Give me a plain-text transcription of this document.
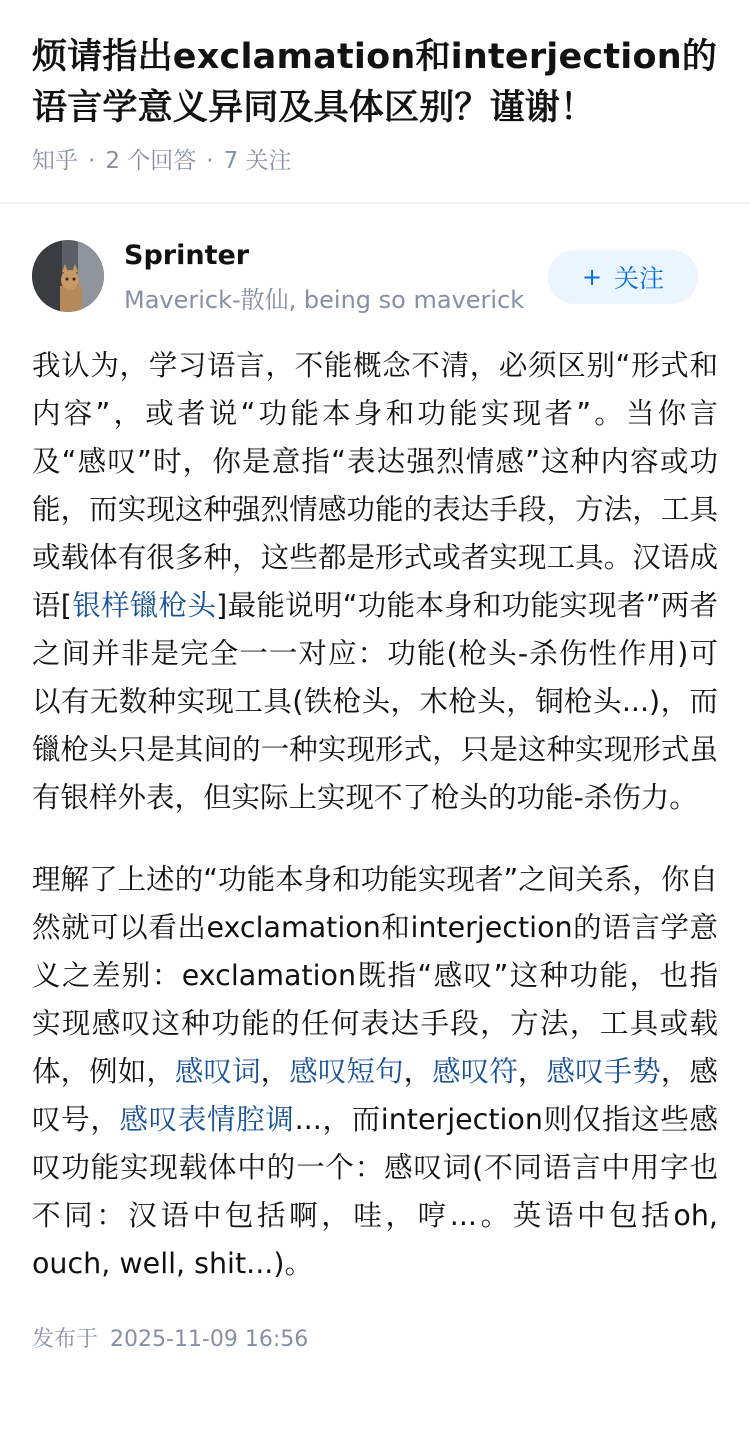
烦请指出exclamation和interjection的语言学意义异同及具体区别？谨谢！
知乎 · 2 个回答 · 7 关注
Sprinter
Maverick-散仙, being so maverick
+ 关注

我认为，学习语言，不能概念不清，必须区别“形式和内容”，或者说“功能本身和功能实现者”。当你言及“感叹”时，你是意指“表达强烈情感”这种内容或功能，而实现这种强烈情感功能的表达手段，方法，工具或载体有很多种，这些都是形式或者实现工具。汉语成语[银样镴枪头]最能说明“功能本身和功能实现者”两者之间并非是完全一一对应：功能(枪头-杀伤性作用)可以有无数种实现工具(铁枪头，木枪头，铜枪头...)，而镴枪头只是其间的一种实现形式，只是这种实现形式虽有银样外表，但实际上实现不了枪头的功能-杀伤力。

理解了上述的“功能本身和功能实现者”之间关系，你自然就可以看出exclamation和interjection的语言学意义之差别：exclamation既指“感叹”这种功能，也指实现感叹这种功能的任何表达手段，方法，工具或载体，例如，感叹词，感叹短句，感叹符，感叹手势，感叹号，感叹表情腔调...，而interjection则仅指这些感叹功能实现载体中的一个：感叹词(不同语言中用字也不同：汉语中包括啊，哇，哼...。英语中包括oh, ouch, well, shit...)。

发布于 2025-11-09 16:56
